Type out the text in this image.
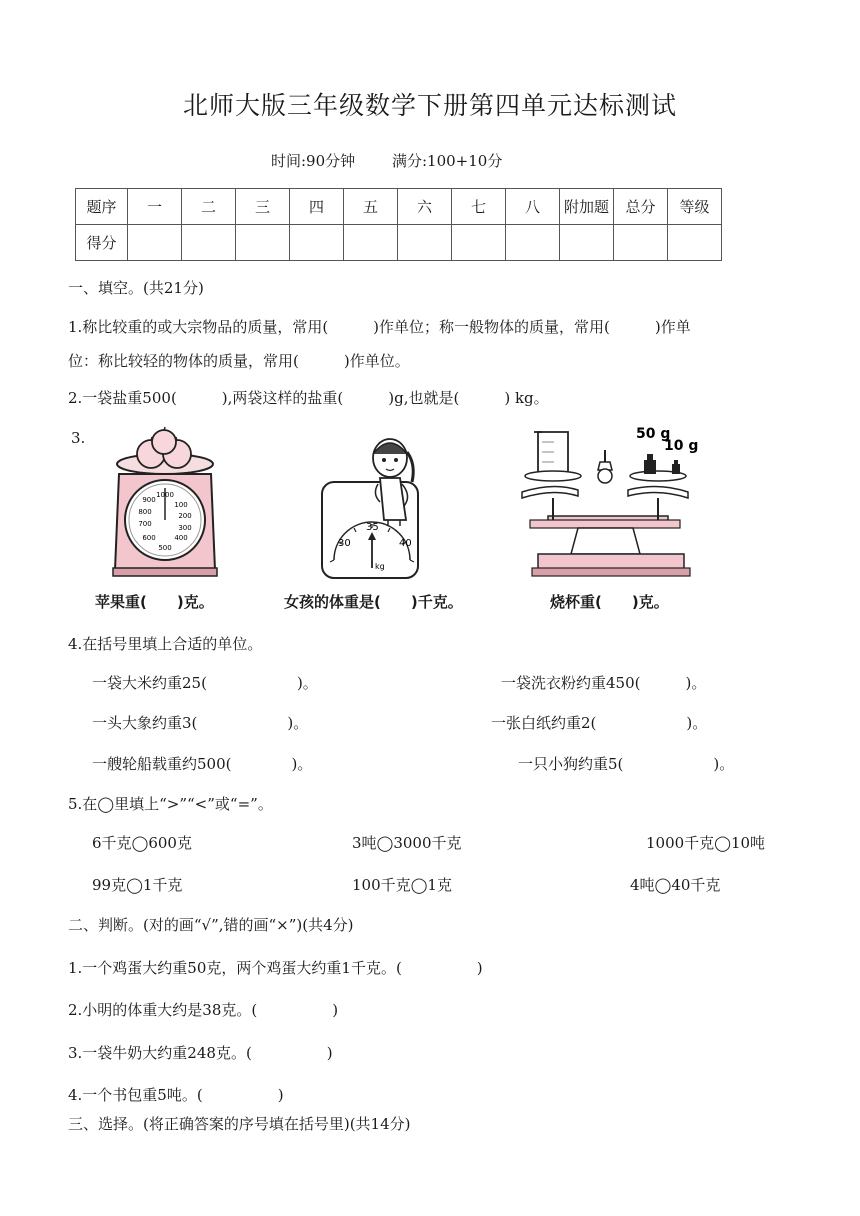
北师大版三年级数学下册第四单元达标测试
时间:90分钟 满分:100+10分
题序	一	二	三	四	五	六	七	八	附加题	总分	等级
得分											
一、填空。(共21分)
1.称比较重的或大宗物品的质量，常用(　　　)作单位；称一般物体的质量，常用(　　　)作单
位：称比较轻的物体的质量，常用(　　　)作单位。
2.一袋盐重500(　　　),两袋这样的盐重(　　　)g,也就是(　　　) kg。
3.
1000
900
100
800	200
700	300
600	400
500	30
35
40
kg
50 g
10 g
苹果重(　　)克。	女孩的体重是(　　)千克。	烧杯重(　　)克。
4.在括号里填上合适的单位。
一袋大米约重25(　　　　　　)。	一袋洗衣粉约重450(　　　)。
一头大象约重3(　　　　　　)。	一张白纸约重2(　　　　　　)。
一艘轮船载重约500(　　　　)。	一只小狗约重5(　　　　　　)。
5.在◯里填上“>”“<”或“=”。
6千克◯600克	3吨◯3000千克	1000千克◯10吨
99克◯1千克	100千克◯1克	4吨◯40千克
二、判断。(对的画“√”,错的画“×”)(共4分)
1.一个鸡蛋大约重50克，两个鸡蛋大约重1千克。(　　　　　)
2.小明的体重大约是38克。(　　　　　)
3.一袋牛奶大约重248克。(　　　　　)
4.一个书包重5吨。(　　　　　)
三、选择。(将正确答案的序号填在括号里)(共14分)
